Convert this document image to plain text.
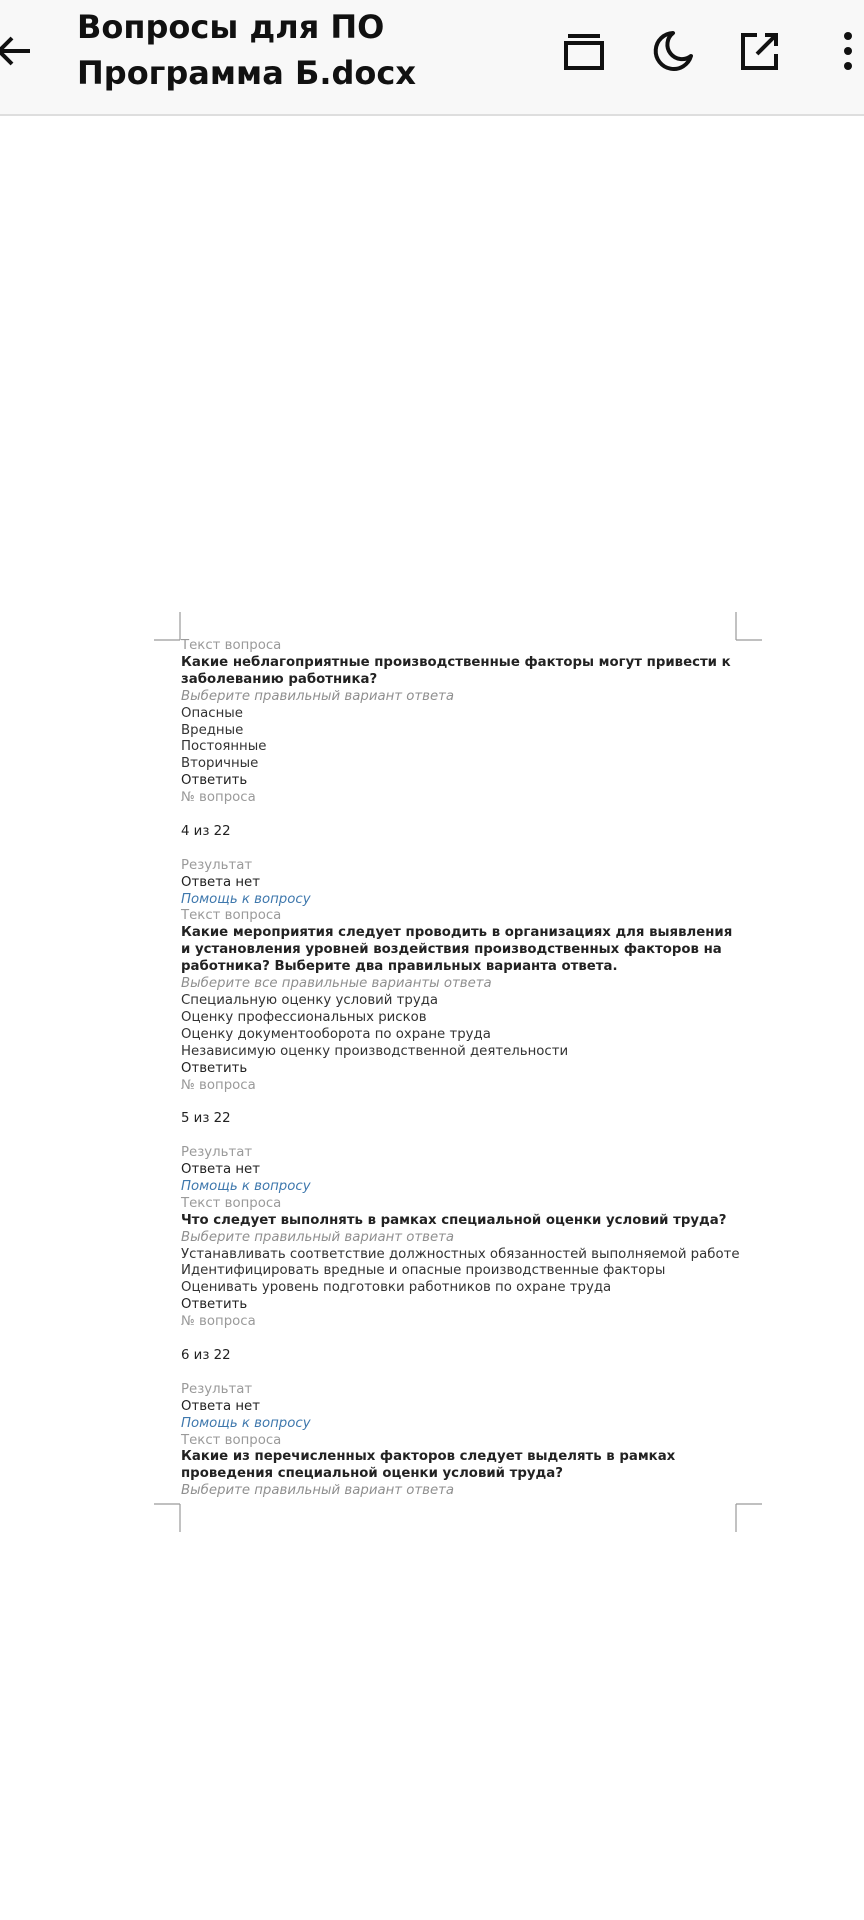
Вопросы для ПО Программа Б.docx
Текст вопроса
Какие неблагоприятные производственные факторы могут привести к заболеванию работника?
Выберите правильный вариант ответа
Опасные
Вредные
Постоянные
Вторичные
Ответить
№ вопроса
4 из 22
Результат
Ответа нет
Помощь к вопросу
Текст вопроса
Какие мероприятия следует проводить в организациях для выявления и установления уровней воздействия производственных факторов на работника? Выберите два правильных варианта ответа.
Выберите все правильные варианты ответа
Специальную оценку условий труда
Оценку профессиональных рисков
Оценку документооборота по охране труда
Независимую оценку производственной деятельности
Ответить
№ вопроса
5 из 22
Результат
Ответа нет
Помощь к вопросу
Текст вопроса
Что следует выполнять в рамках специальной оценки условий труда?
Выберите правильный вариант ответа
Устанавливать соответствие должностных обязанностей выполняемой работе
Идентифицировать вредные и опасные производственные факторы
Оценивать уровень подготовки работников по охране труда
Ответить
№ вопроса
6 из 22
Результат
Ответа нет
Помощь к вопросу
Текст вопроса
Какие из перечисленных факторов следует выделять в рамках проведения специальной оценки условий труда?
Выберите правильный вариант ответа
